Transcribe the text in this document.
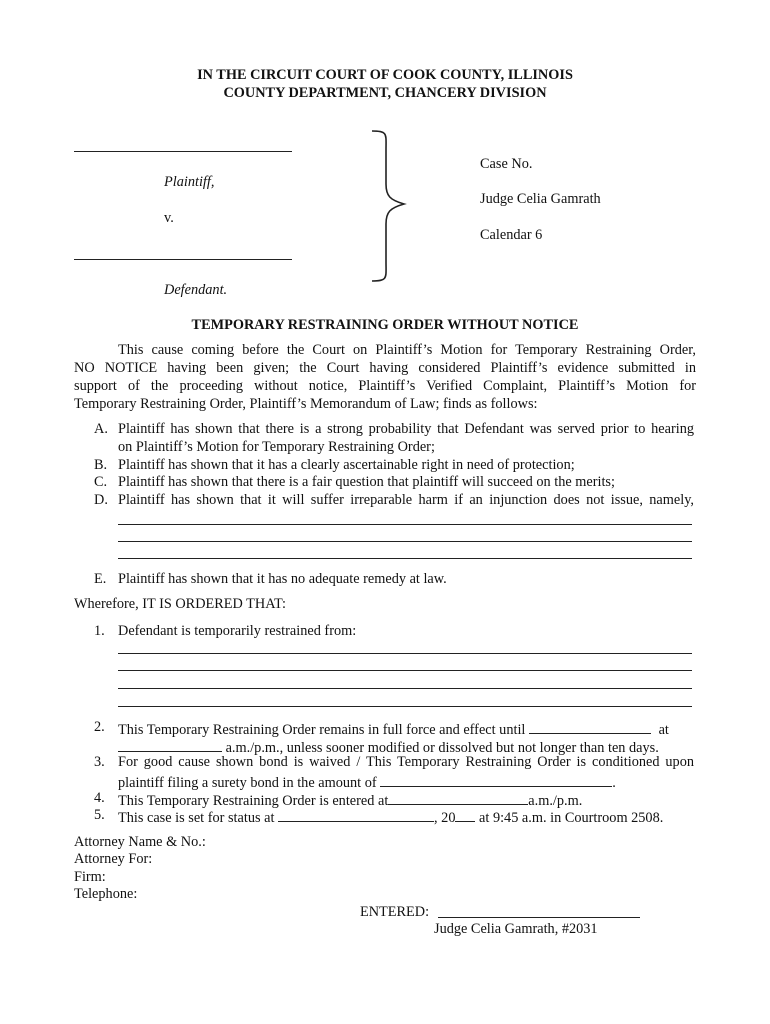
IN THE CIRCUIT COURT OF COOK COUNTY, ILLINOIS

COUNTY DEPARTMENT, CHANCERY DIVISION

Plaintiff,

v.

Defendant.

Case No.

Judge Celia Gamrath

Calendar 6

TEMPORARY RESTRAINING ORDER WITHOUT NOTICE

This cause coming before the Court on Plaintiff’s Motion for Temporary Restraining Order,

NO NOTICE having been given; the Court having considered Plaintiff’s evidence submitted in

support of the proceeding without notice, Plaintiff’s Verified Complaint, Plaintiff’s Motion for

Temporary Restraining Order, Plaintiff’s Memorandum of Law; finds as follows:

A. Plaintiff has shown that there is a strong probability that Defendant was served prior to hearing
on Plaintiff’s Motion for Temporary Restraining Order;
B. Plaintiff has shown that it has a clearly ascertainable right in need of protection;
C. Plaintiff has shown that there is a fair question that plaintiff will succeed on the merits;
D. Plaintiff has shown that it will suffer irreparable harm if an injunction does not issue, namely,
E. Plaintiff has shown that it has no adequate remedy at law.

Wherefore, IT IS ORDERED THAT:

1. Defendant is temporarily restrained from:
2. This Temporary Restraining Order remains in full force and effect until	at
a.m./p.m., unless sooner modified or dissolved but not longer than ten days.
3. For good cause shown bond is waived / This Temporary Restraining Order is conditioned upon
plaintiff filing a surety bond in the amount of	.
4. This Temporary Restraining Order is entered at	a.m./p.m.
5. This case is set for status at	, 20 at 9:45 a.m. in Courtroom 2508.

Attorney Name & No.:

Attorney For:

Firm:

Telephone:

ENTERED:

Judge Celia Gamrath, #2031
